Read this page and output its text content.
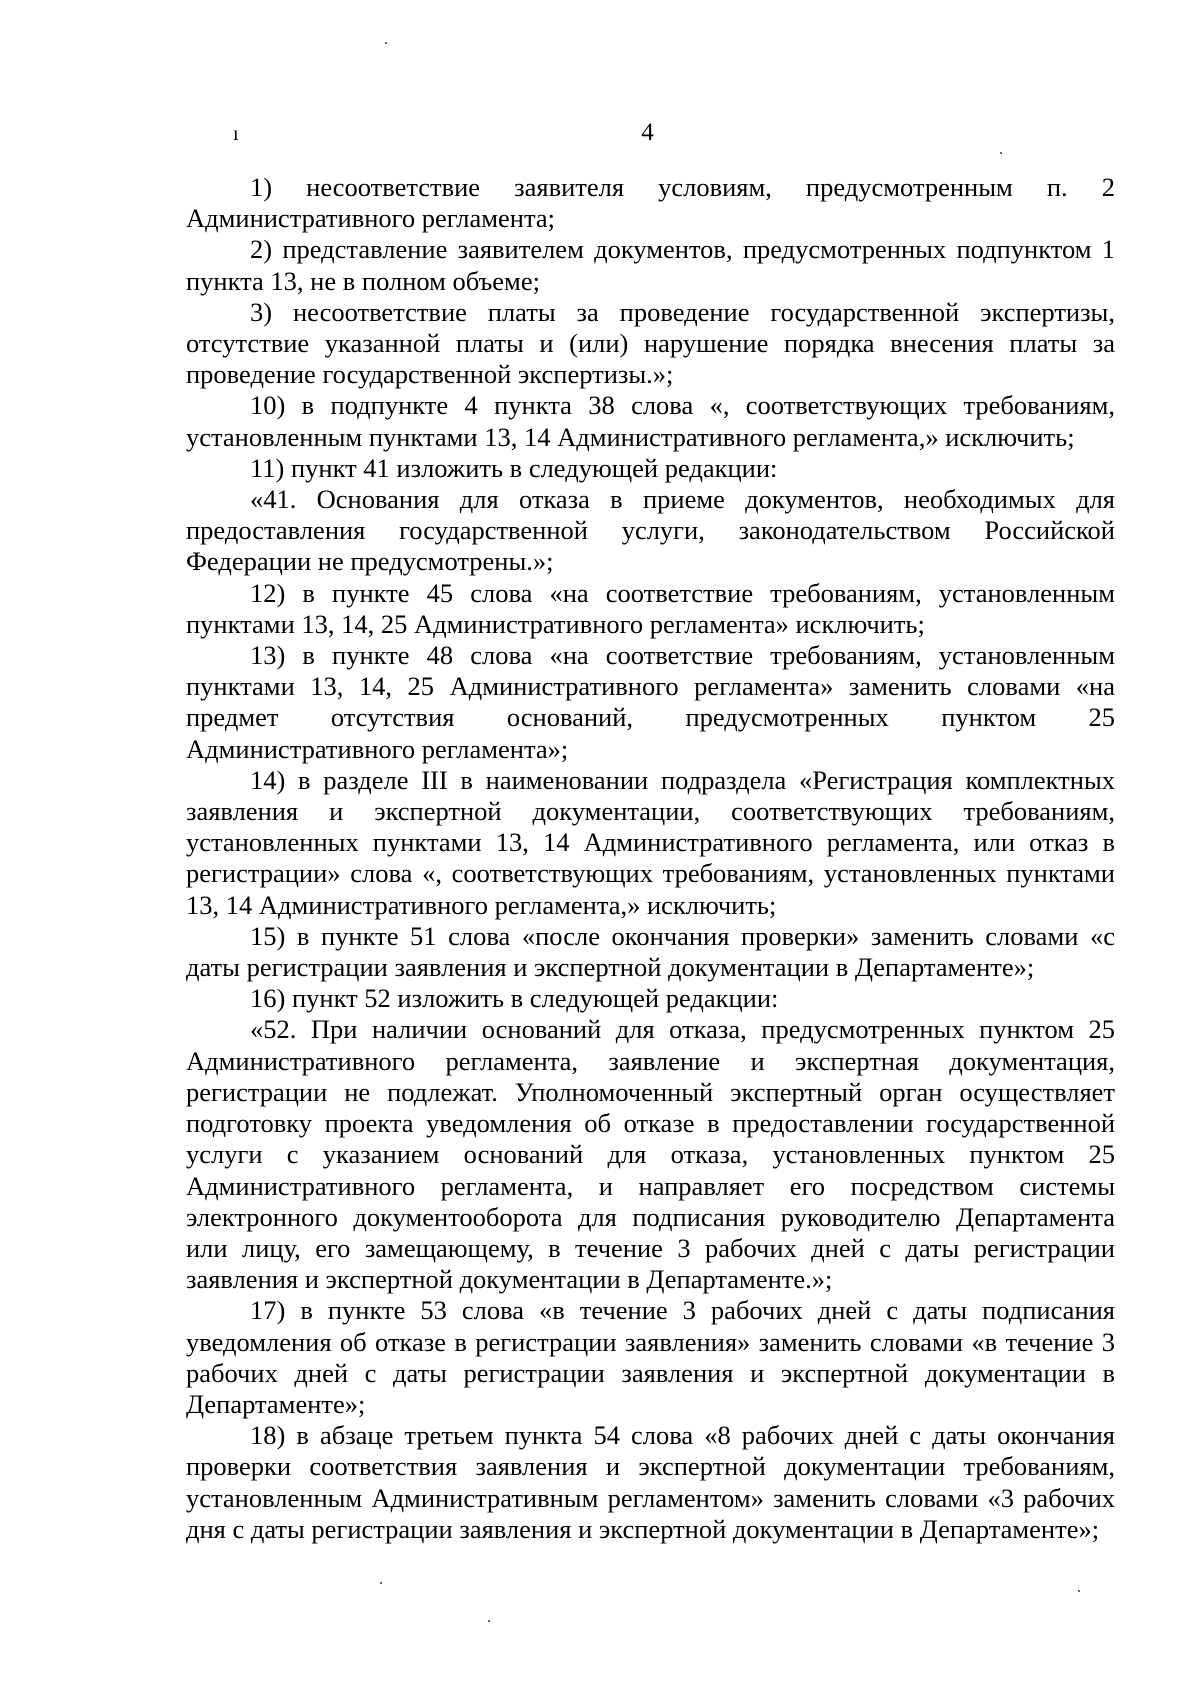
ı	4

1) несоответствие заявителя условиям, предусмотренным п. 2 Административного регламента;

2) представление заявителем документов, предусмотренных подпунктом 1 пункта 13, не в полном объеме;

3) несоответствие платы за проведение государственной экспертизы, отсутствие указанной платы и (или) нарушение порядка внесения платы за проведение государственной экспертизы.»;

10) в подпункте 4 пункта 38 слова «, соответствующих требованиям, установленным пунктами 13, 14 Административного регламента,» исключить;

11) пункт 41 изложить в следующей редакции:

«41. Основания для отказа в приеме документов, необходимых для предоставления государственной услуги, законодательством Российской Федерации не предусмотрены.»;

12) в пункте 45 слова «на соответствие требованиям, установленным пунктами 13, 14, 25 Административного регламента» исключить;

13) в пункте 48 слова «на соответствие требованиям, установленным пунктами 13, 14, 25 Административного регламента» заменить словами «на предмет отсутствия оснований, предусмотренных пунктом 25 Административного регламента»;

14) в разделе III в наименовании подраздела «Регистрация комплектных заявления и экспертной документации, соответствующих требованиям, установленных пунктами 13, 14 Административного регламента, или отказ в регистрации» слова «, соответствующих требованиям, установленных пунктами 13, 14 Административного регламента,» исключить;

15) в пункте 51 слова «после окончания проверки» заменить словами «с даты регистрации заявления и экспертной документации в Департаменте»;

16) пункт 52 изложить в следующей редакции:

«52. При наличии оснований для отказа, предусмотренных пунктом 25 Административного регламента, заявление и экспертная документация, регистрации не подлежат. Уполномоченный экспертный орган осуществляет подготовку проекта уведомления об отказе в предоставлении государственной услуги с указанием оснований для отказа, установленных пунктом 25 Административного регламента, и направляет его посредством системы электронного документооборота для подписания руководителю Департамента или лицу, его замещающему, в течение 3 рабочих дней с даты регистрации заявления и экспертной документации в Департаменте.»;

17) в пункте 53 слова «в течение 3 рабочих дней с даты подписания уведомления об отказе в регистрации заявления» заменить словами «в течение 3 рабочих дней с даты регистрации заявления и экспертной документации в Департаменте»;

18) в абзаце третьем пункта 54 слова «8 рабочих дней с даты окончания проверки соответствия заявления и экспертной документации требованиям, установленным Административным регламентом» заменить словами «3 рабочих дня с даты регистрации заявления и экспертной документации в Департаменте»;
